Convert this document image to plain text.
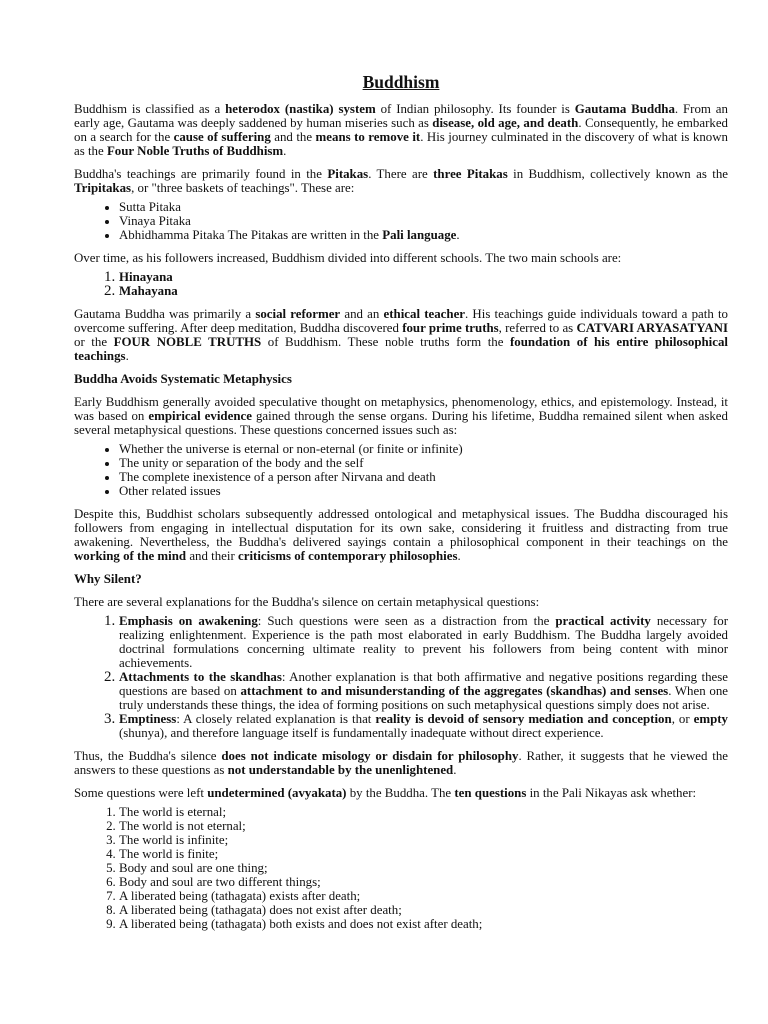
Buddhism

Buddhism is classified as a heterodox (nastika) system of Indian philosophy. Its founder is Gautama Buddha. From an early age, Gautama was deeply saddened by human miseries such as disease, old age, and death. Consequently, he embarked on a search for the cause of suffering and the means to remove it. His journey culminated in the discovery of what is known as the Four Noble Truths of Buddhism.

Buddha's teachings are primarily found in the Pitakas. There are three Pitakas in Buddhism, collectively known as the Tripitakas, or "three baskets of teachings". These are:

• Sutta Pitaka
• Vinaya Pitaka
• Abhidhamma Pitaka The Pitakas are written in the Pali language.

Over time, as his followers increased, Buddhism divided into different schools. The two main schools are:

1. Hinayana
2. Mahayana

Gautama Buddha was primarily a social reformer and an ethical teacher. His teachings guide individuals toward a path to overcome suffering. After deep meditation, Buddha discovered four prime truths, referred to as CATVARI ARYASATYANI or the FOUR NOBLE TRUTHS of Buddhism. These noble truths form the foundation of his entire philosophical teachings.

Buddha Avoids Systematic Metaphysics

Early Buddhism generally avoided speculative thought on metaphysics, phenomenology, ethics, and epistemology. Instead, it was based on empirical evidence gained through the sense organs. During his lifetime, Buddha remained silent when asked several metaphysical questions. These questions concerned issues such as:

• Whether the universe is eternal or non-eternal (or finite or infinite)
• The unity or separation of the body and the self
• The complete inexistence of a person after Nirvana and death
• Other related issues

Despite this, Buddhist scholars subsequently addressed ontological and metaphysical issues. The Buddha discouraged his followers from engaging in intellectual disputation for its own sake, considering it fruitless and distracting from true awakening. Nevertheless, the Buddha's delivered sayings contain a philosophical component in their teachings on the working of the mind and their criticisms of contemporary philosophies.

Why Silent?

There are several explanations for the Buddha's silence on certain metaphysical questions:

1. Emphasis on awakening: Such questions were seen as a distraction from the practical activity necessary for realizing enlightenment. Experience is the path most elaborated in early Buddhism. The Buddha largely avoided doctrinal formulations concerning ultimate reality to prevent his followers from being content with minor achievements.
2. Attachments to the skandhas: Another explanation is that both affirmative and negative positions regarding these questions are based on attachment to and misunderstanding of the aggregates (skandhas) and senses. When one truly understands these things, the idea of forming positions on such metaphysical questions simply does not arise.
3. Emptiness: A closely related explanation is that reality is devoid of sensory mediation and conception, or empty (shunya), and therefore language itself is fundamentally inadequate without direct experience.

Thus, the Buddha's silence does not indicate misology or disdain for philosophy. Rather, it suggests that he viewed the answers to these questions as not understandable by the unenlightened.

Some questions were left undetermined (avyakata) by the Buddha. The ten questions in the Pali Nikayas ask whether:

1. The world is eternal;
2. The world is not eternal;
3. The world is infinite;
4. The world is finite;
5. Body and soul are one thing;
6. Body and soul are two different things;
7. A liberated being (tathagata) exists after death;
8. A liberated being (tathagata) does not exist after death;
9. A liberated being (tathagata) both exists and does not exist after death;
